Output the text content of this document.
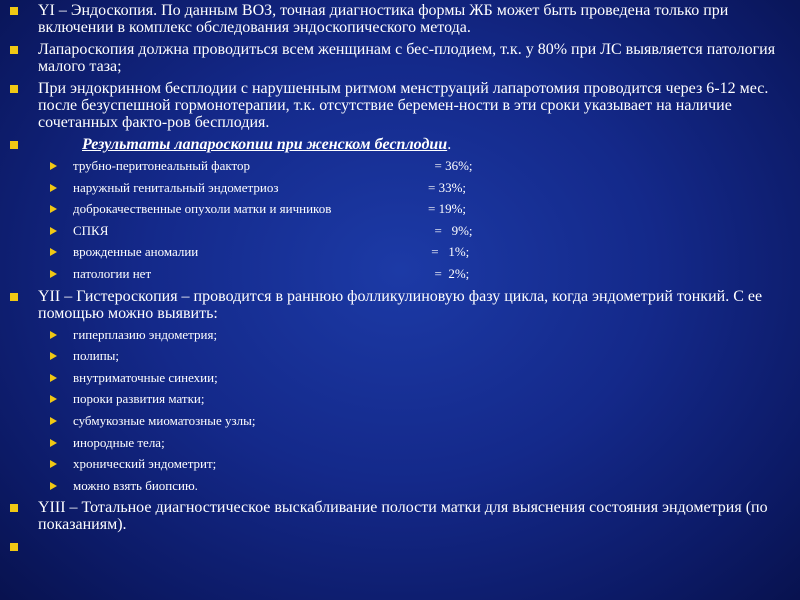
YI – Эндоскопия. По данным ВОЗ, точная диагностика формы ЖБ может быть проведена только при включении в комплекс обследования эндоскопического метода.
Лапароскопия должна проводиться всем женщинам с бес-плодием, т.к. у 80% при ЛС выявляется патология малого таза;
При эндокринном бесплодии с нарушенным ритмом менструаций лапаротомия проводится через 6-12 мес. после безуспешной гормонотерапии, т.к. отсутствие беремен-ности в эти сроки указывает на наличие сочетанных факто-ров бесплодия.
Результаты лапароскопии при женском бесплодии.
трубно-перитонеальный фактор	= 36%;
наружный генитальный эндометриоз	= 33%;
доброкачественные опухоли матки и яичников	= 19%;
СПКЯ	=   9%;
врожденные аномалии	=   1%;
патологии нет	=  2%;
YII – Гистероскопия – проводится в раннюю фолликулиновую фазу цикла, когда эндометрий тонкий. С ее помощью можно выявить:
гиперплазию эндометрия;
полипы;
внутриматочные синехии;
пороки развития матки;
субмукозные миоматозные узлы;
инородные тела;
хронический эндометрит;
можно взять биопсию.
YIII – Тотальное диагностическое выскабливание полости матки для выяснения состояния эндометрия (по показаниям).
